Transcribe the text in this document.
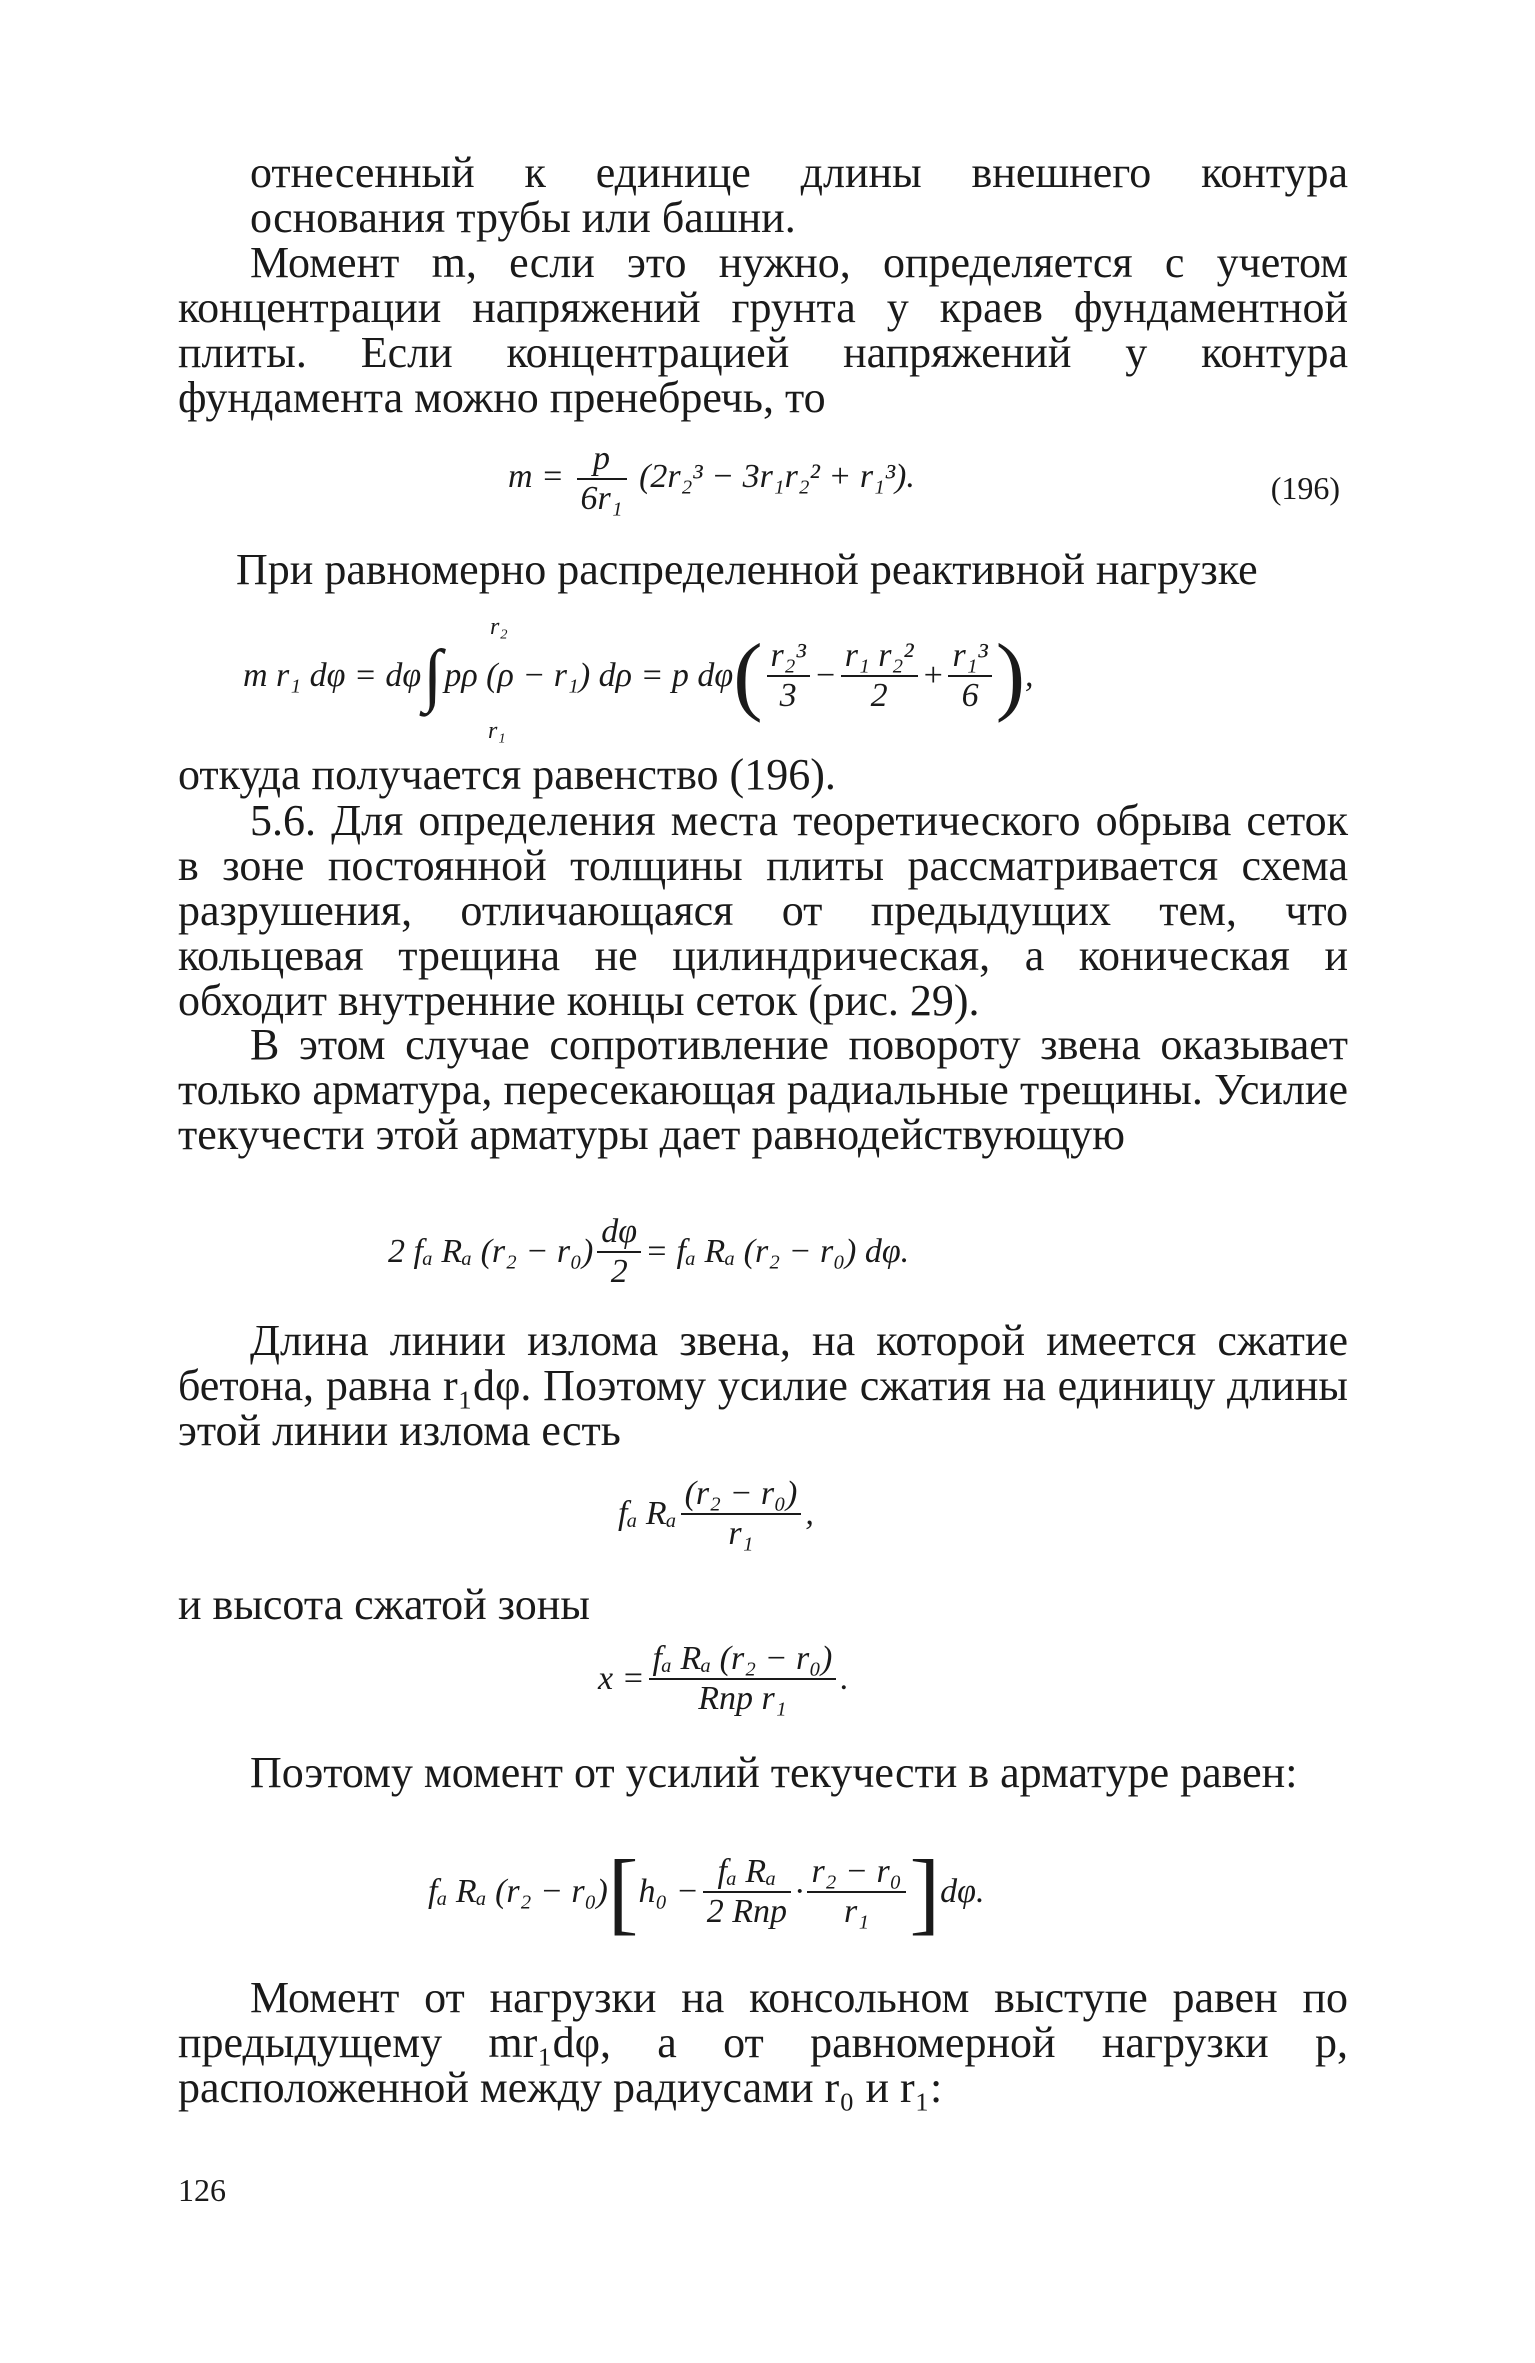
отнесенный к единице длины внешнего контура основания трубы или башни.
Момент m, если это нужно, определяется с учетом концентрации напряжений грунта у краев фундаментной плиты. Если концентрацией напряжений у контура фундамента можно пренебречь, то
$m = \frac{p}{\text{6r₁}} (2r_2^3 - 3r_1r_2^2 + r_1^3)$.	(196)
При равномерно распределенной реактивной нагрузке
m r₁ dφ = dφ ∫ pρ (ρ − r₁) dρ = p dφ ( r₂³
3
− $\frac{\text{r₁ r₂²}}{2} + \frac{\text{r₁³}}{6}$ ) ,
r₂
r₁
откуда получается равенство (196).
5.6. Для определения места теоретического обрыва сеток в зоне постоянной толщины плиты рассматривается схема разрушения, отличающаяся от предыдущих тем, что кольцевая трещина не цилиндрическая, а коническая и обходит внутренние концы сеток (рис. 29).
В этом случае сопротивление повороту звена оказывает только арматура, пересекающая радиальные трещины. Усилие текучести этой арматуры дает равнодействующую
2 fₐ Rₐ $(r_2 - r_0) \frac{d\varphi}{2} = f_a$ Rₐ (r₂ − r₀) dφ.
Длина линии излома звена, на которой имеется сжатие бетона, равна r₁dφ. Поэтому усилие сжатия на единицу длины этой линии излома есть
fₐ Rₐ
(r₂ − r₀)
r₁
,
и высота сжатой зоны
x =
fₐ Rₐ (r₂ − r₀)
Rпр r₁
.
Поэтому момент от усилий текучести в арматуре равен:
fₐ Rₐ (r₂ − r₀) [ h₀ −
fₐ Rₐ
2 Rпр
·
r₂ − r₀
r₁ ] dφ.
Момент от нагрузки на консольном выступе равен по предыдущему mr₁dφ, а от равномерной нагрузки p, расположенной между радиусами r₀ и r₁:
126
